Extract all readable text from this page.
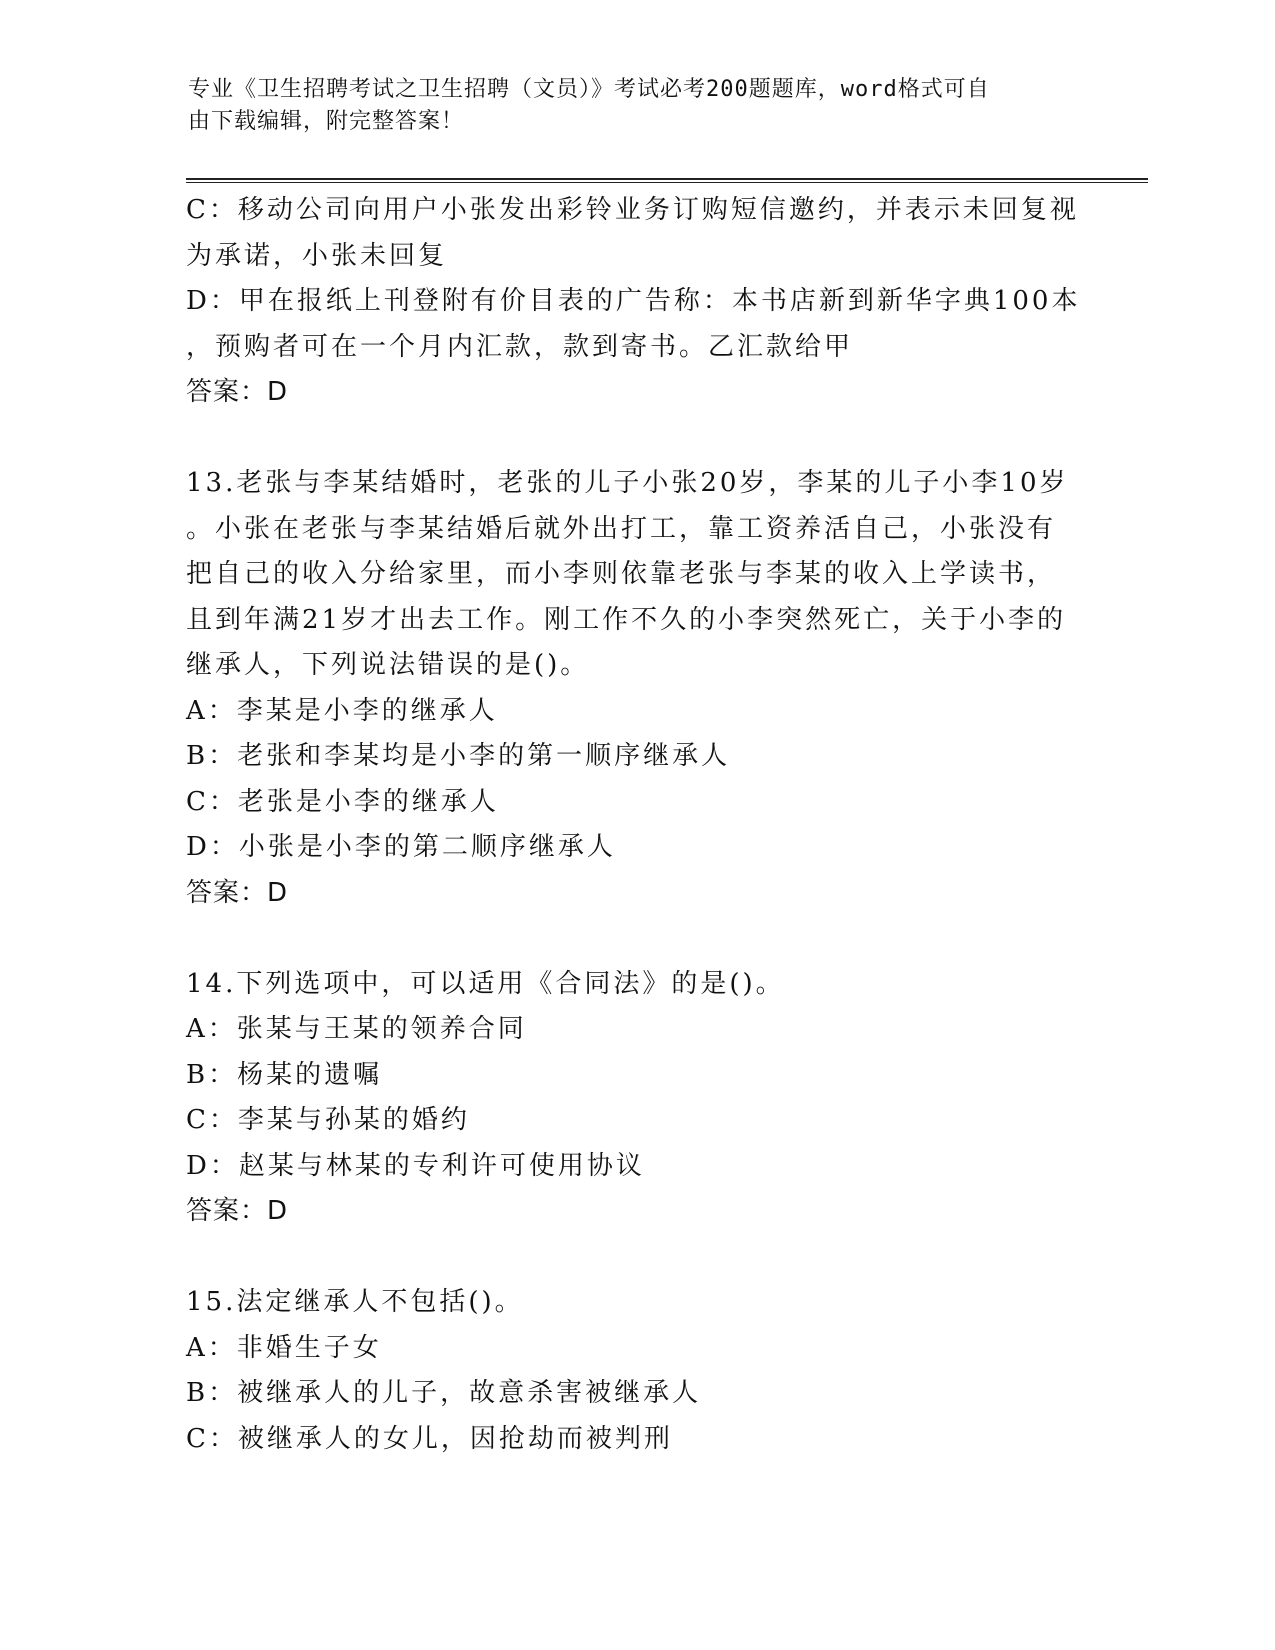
专业《卫生招聘考试之卫生招聘（文员）》考试必考200题题库，word格式可自
由下载编辑，附完整答案！
C：移动公司向用户小张发出彩铃业务订购短信邀约，并表示未回复视
为承诺，小张未回复
D：甲在报纸上刊登附有价目表的广告称：本书店新到新华字典100本
，预购者可在一个月内汇款，款到寄书。乙汇款给甲
答案：D
13.老张与李某结婚时，老张的儿子小张20岁，李某的儿子小李10岁
。小张在老张与李某结婚后就外出打工，靠工资养活自己，小张没有
把自己的收入分给家里，而小李则依靠老张与李某的收入上学读书，
且到年满21岁才出去工作。刚工作不久的小李突然死亡，关于小李的
继承人，下列说法错误的是()。
A：李某是小李的继承人
B：老张和李某均是小李的第一顺序继承人
C：老张是小李的继承人
D：小张是小李的第二顺序继承人
答案：D
14.下列选项中，可以适用《合同法》的是()。
A：张某与王某的领养合同
B：杨某的遗嘱
C：李某与孙某的婚约
D：赵某与林某的专利许可使用协议
答案：D
15.法定继承人不包括()。
A：非婚生子女
B：被继承人的儿子，故意杀害被继承人
C：被继承人的女儿，因抢劫而被判刑
